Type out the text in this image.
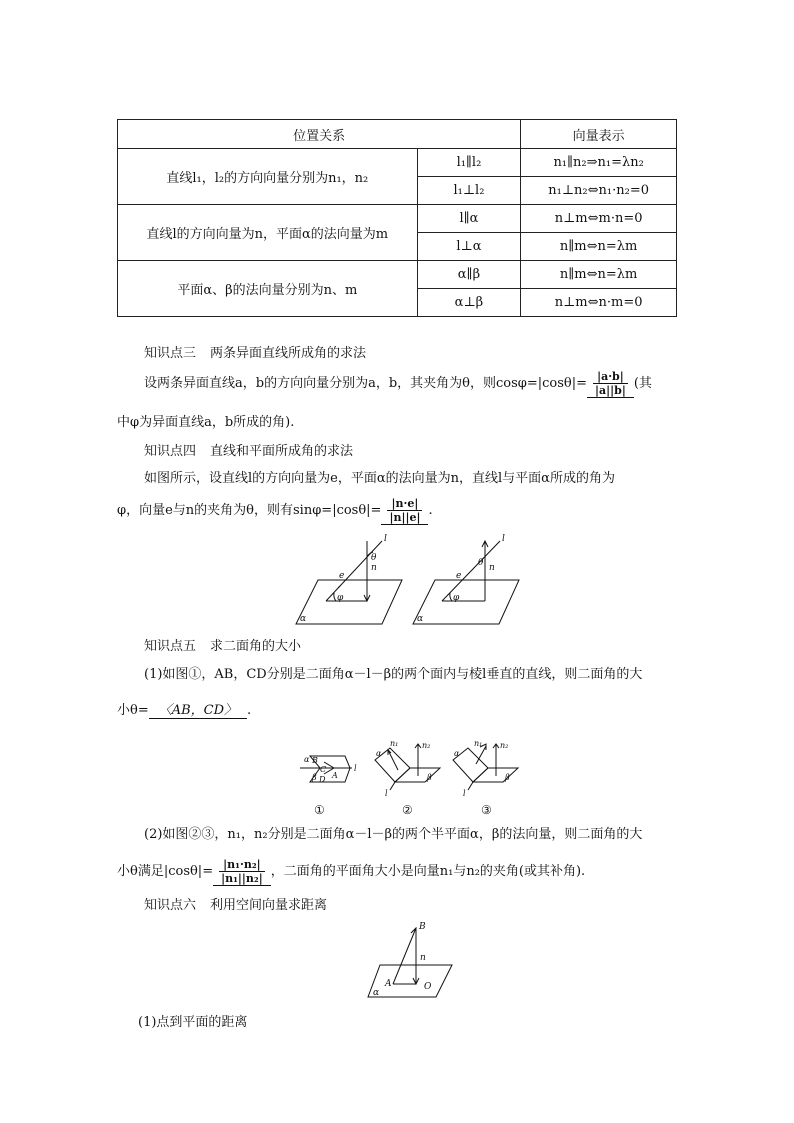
位置关系		向量表示
直线l₁，l₂的方向向量分别为n₁，n₂	l₁∥l₂	n₁∥n₂⇒n₁=λn₂
	l₁⊥l₂	n₁⊥n₂⇔n₁·n₂=0
直线l的方向向量为n，平面α的法向量为m	l∥α	n⊥m⇔m·n=0
	l⊥α	n∥m⇔n=λm
平面α、β的法向量分别为n、m	α∥β	n∥m⇔n=λm
	α⊥β	n⊥m⇔n·m=0
知识点三 两条异面直线所成角的求法
设两条异面直线a，b的方向向量分别为a，b，其夹角为θ，则$\cos\varphi=|\cos\theta|= \frac{|a\cdot b|}{|a||b|}$ (其
中φ为异面直线a，b所成的角).
知识点四 直线和平面所成角的求法
如图所示，设直线l的方向向量为e，平面α的法向量为n，直线l与平面α所成的角为
φ，向量e与n的夹角为θ，则有$\sin\varphi=|\cos\theta|= \frac{|n\cdot e|}{|n||e|}$ .
l
e
n
θ
φ
α
l
e
n
θ
φ
α
知识点五 求二面角的大小
(1)如图①，AB，CD分别是二面角α－l－β的两个面内与棱l垂直的直线，则二面角的大
小θ= 〈AB，CD〉 .
α B
C
β D A
l
α
n₁	n₂
β
l
α
n₁ n₂
β
l
①	②	③
(2)如图②③，n₁，n₂分别是二面角α－l－β的两个半平面α，β的法向量，则二面角的大
小θ满足$|\cos\theta|= \frac{\text{|n₁·n₂|}}{\text{|n₁||n₂|}}$ ，二面角的平面角大小是向量n₁与n₂的夹角(或其补角).
知识点六 利用空间向量求距离
B
n
A	O
α
(1)点到平面的距离
